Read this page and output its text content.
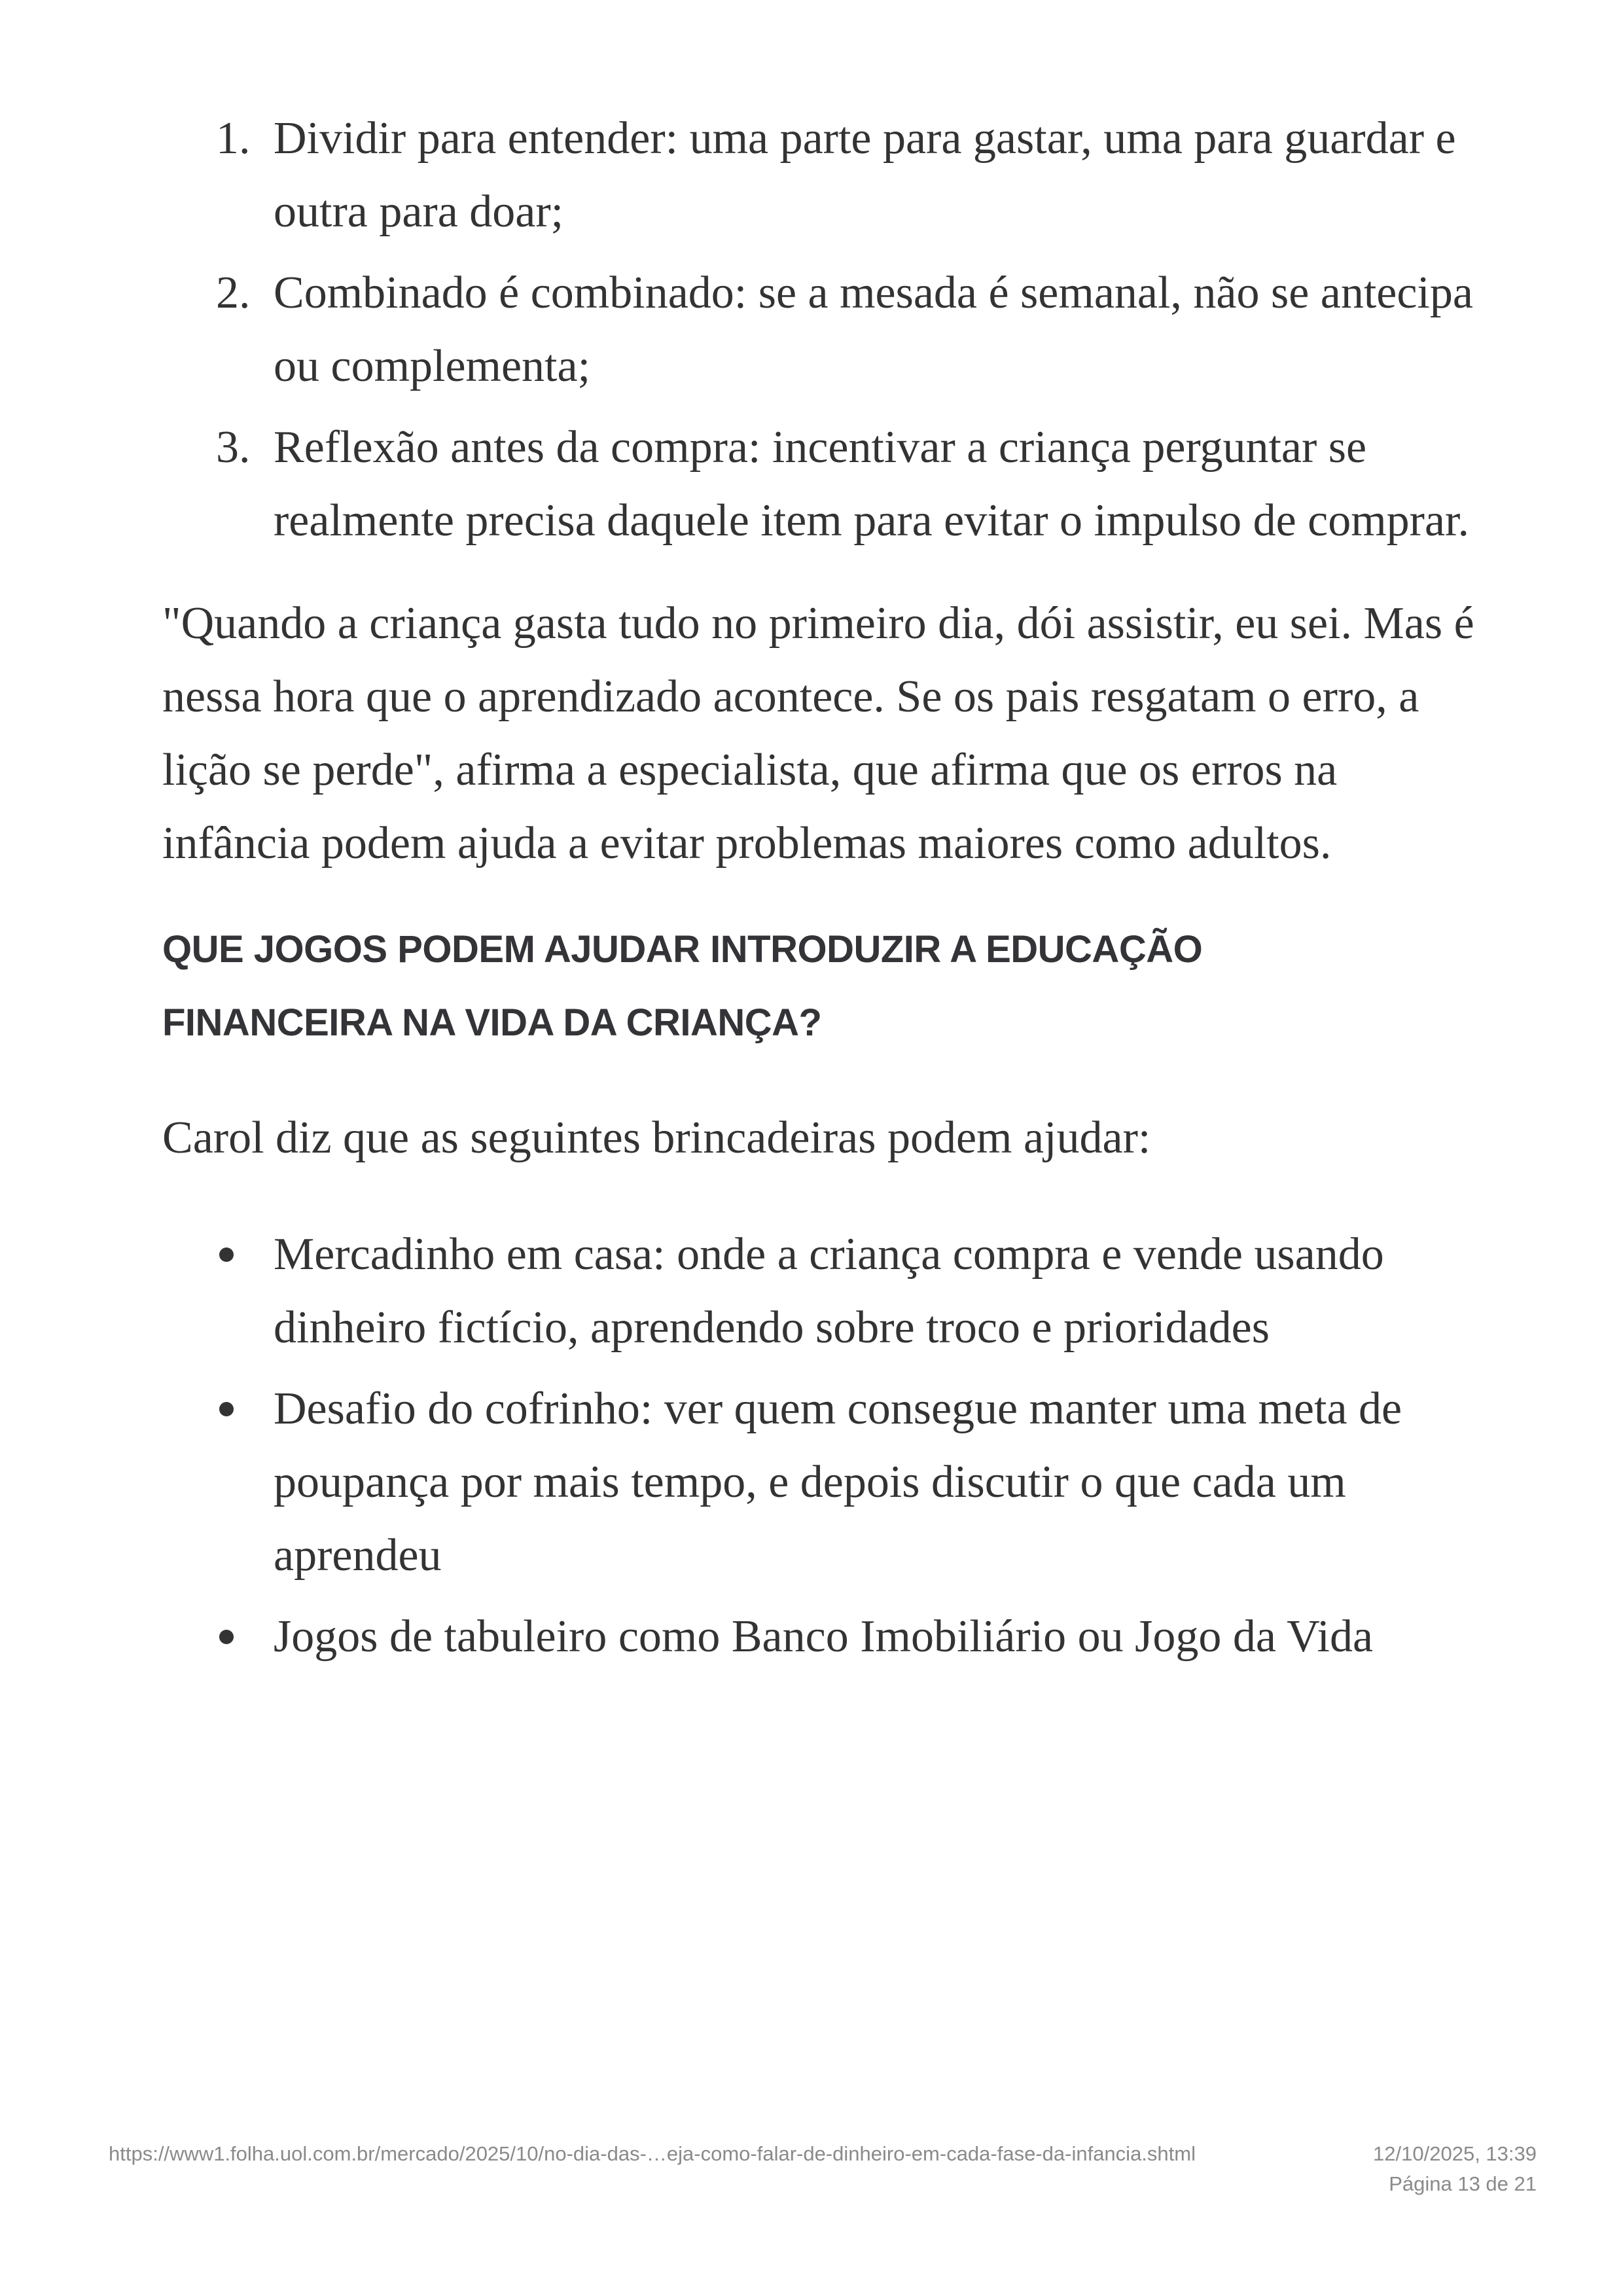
Dividir para entender: uma parte para gastar, uma para guardar e outra para doar;
Combinado é combinado: se a mesada é semanal, não se antecipa ou complementa;
Reflexão antes da compra: incentivar a criança perguntar se realmente precisa daquele item para evitar o impulso de comprar.

"Quando a criança gasta tudo no primeiro dia, dói assistir, eu sei. Mas é nessa hora que o aprendizado acontece. Se os pais resgatam o erro, a lição se perde", afirma a especialista, que afirma que os erros na infância podem ajuda a evitar problemas maiores como adultos.

QUE JOGOS PODEM AJUDAR INTRODUZIR A EDUCAÇÃO FINANCEIRA NA VIDA DA CRIANÇA?

Carol diz que as seguintes brincadeiras podem ajudar:

Mercadinho em casa: onde a criança compra e vende usando dinheiro fictício, aprendendo sobre troco e prioridades
Desafio do cofrinho: ver quem consegue manter uma meta de poupança por mais tempo, e depois discutir o que cada um aprendeu
Jogos de tabuleiro como Banco Imobiliário ou Jogo da Vida
https://www1.folha.uol.com.br/mercado/2025/10/no-dia-das-…eja-como-falar-de-dinheiro-em-cada-fase-da-infancia.shtml	12/10/2025, 13:39
Página 13 de 21
